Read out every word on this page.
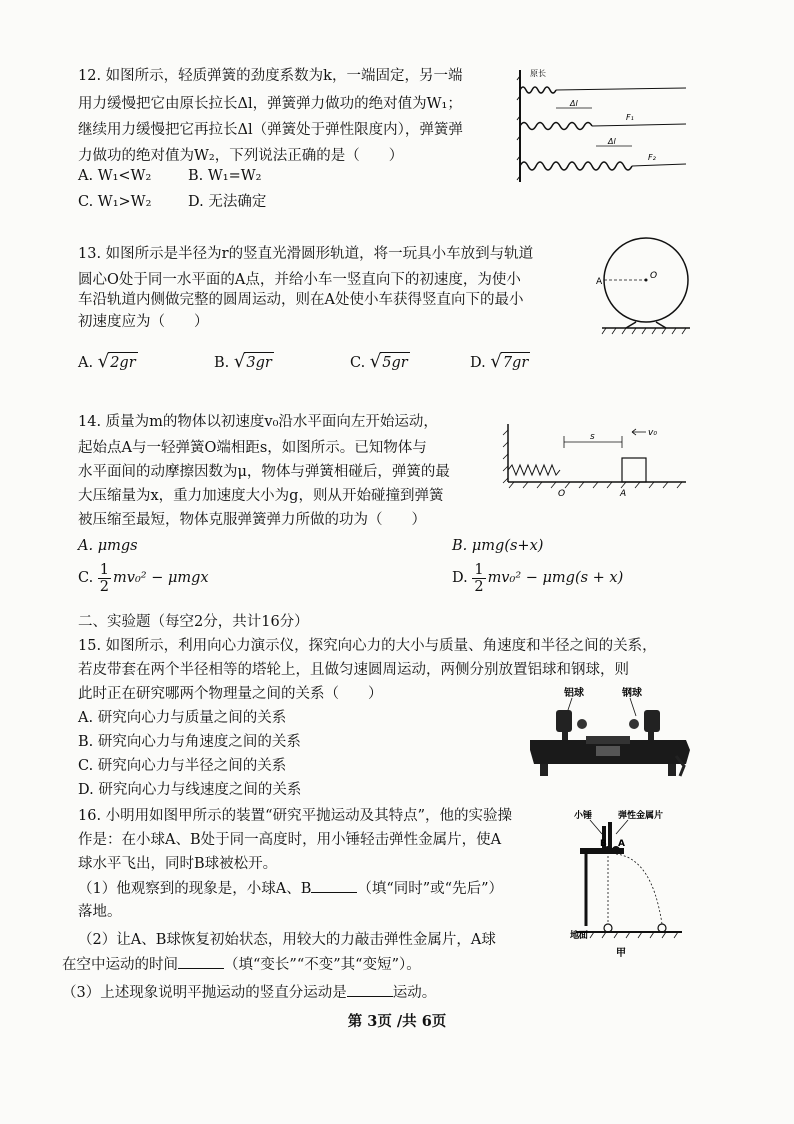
12. 如图所示，轻质弹簧的劲度系数为k，一端固定，另一端
用力缓慢把它由原长拉长Δl，弹簧弹力做功的绝对值为W₁；
继续用力缓慢把它再拉长Δl（弹簧处于弹性限度内），弹簧弹
力做功的绝对值为W₂，下列说法正确的是（　　）
A. W₁<W₂	B. W₁=W₂
C. W₁>W₂	D. 无法确定
原长
Δl
F₁
Δl
F₂
13. 如图所示是半径为r的竖直光滑圆形轨道，将一玩具小车放到与轨道
圆心O处于同一水平面的A点，并给小车一竖直向下的初速度，为使小
车沿轨道内侧做完整的圆周运动，则在A处使小车获得竖直向下的最小
初速度应为（　　）
A. √2gr	B. √3gr	C. √5gr	D. √7gr
A
O
14. 质量为m的物体以初速度v₀沿水平面向左开始运动，
起始点A与一轻弹簧O端相距s，如图所示。已知物体与
水平面间的动摩擦因数为μ，物体与弹簧相碰后，弹簧的最
大压缩量为x，重力加速度大小为g，则从开始碰撞到弹簧
被压缩至最短，物体克服弹簧弹力所做的功为（　　）
A. μmgs	B. μmg(s+x)
C. $\frac{1}{2} mv_0^2 - \mu mgx$	D. $\frac{1}{2} mv_0^2 - \mu mg(s + x)$
s	v₀
O	A
二、实验题（每空2分，共计16分）
15. 如图所示，利用向心力演示仪，探究向心力的大小与质量、角速度和半径之间的关系，
若皮带套在两个半径相等的塔轮上，且做匀速圆周运动，两侧分别放置铝球和钢球，则
此时正在研究哪两个物理量之间的关系（　　）
A. 研究向心力与质量之间的关系
B. 研究向心力与角速度之间的关系
C. 研究向心力与半径之间的关系
D. 研究向心力与线速度之间的关系
铝球	钢球
16. 小明用如图甲所示的装置“研究平抛运动及其特点”，他的实验操
作是：在小球A、B处于同一高度时，用小锤轻击弹性金属片，使A
球水平飞出，同时B球被松开。
（1）他观察到的现象是，小球A、B	（填“同时”或“先后”）
落地。
（2）让A、B球恢复初始状态，用较大的力敲击弹性金属片，A球
在空中运动的时间	（填“变长”“不变”其“变短”）。
（3）上述现象说明平抛运动的竖直分运动是	运动。
小锤	弹性金属片
B A
地面
甲
第 3页 /共 6页
